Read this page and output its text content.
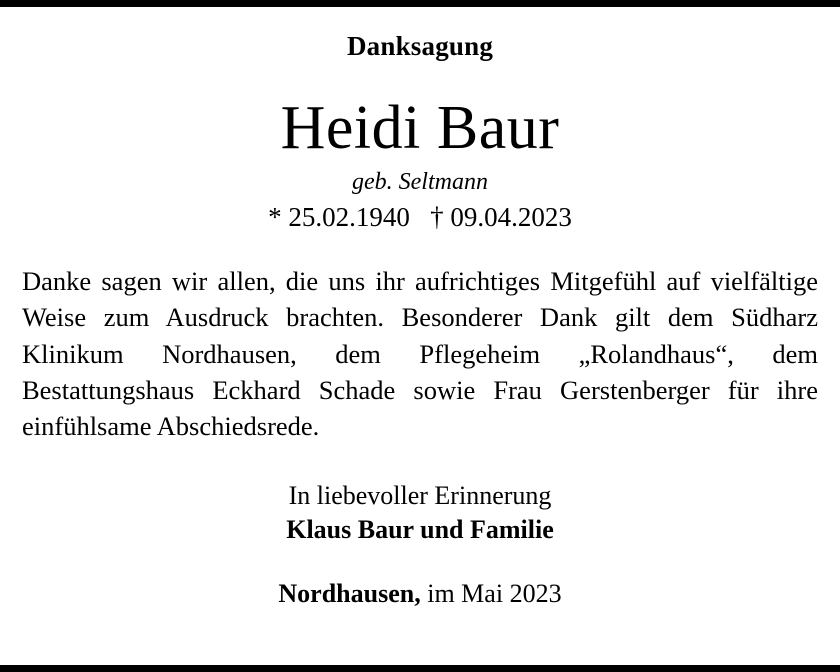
Danksagung
Heidi Baur
geb. Seltmann
* 25.02.1940   † 09.04.2023
Danke sagen wir allen, die uns ihr aufrichtiges Mitgefühl auf vielfältige Weise zum Ausdruck brachten. Besonderer Dank gilt dem Südharz Klinikum Nordhausen, dem Pflegeheim „Rolandhaus“, dem Bestattungshaus Eckhard Schade sowie Frau Gerstenberger für ihre einfühlsame Abschiedsrede.
In liebevoller Erinnerung
Klaus Baur und Familie
Nordhausen, im Mai 2023
